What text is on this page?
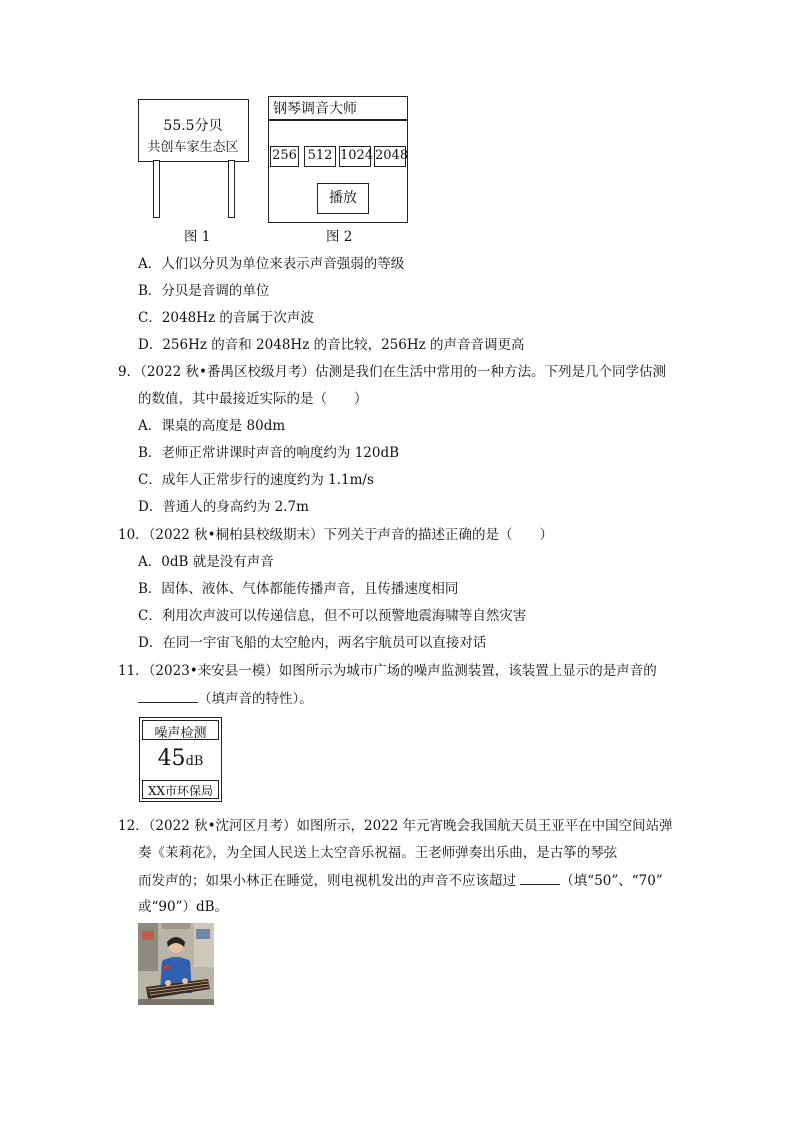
55.5分贝
共创车家生态区
图 1
钢琴调音大师
256 512 1024 2048
播放
图 2
A．人们以分贝为单位来表示声音强弱的等级
B．分贝是音调的单位
C．2048Hz 的音属于次声波
D．256Hz 的音和 2048Hz 的音比较，256Hz 的声音音调更高
9．（2022 秋•番禺区校级月考）估测是我们在生活中常用的一种方法。下列是几个同学估测
的数值，其中最接近实际的是（　　）
A．课桌的高度是 80dm
B．老师正常讲课时声音的响度约为 120dB
C．成年人正常步行的速度约为 1.1m/s
D．普通人的身高约为 2.7m
10．（2022 秋•桐柏县校级期末）下列关于声音的描述正确的是（　　）
A．0dB 就是没有声音
B．固体、液体、气体都能传播声音，且传播速度相同
C．利用次声波可以传递信息，但不可以预警地震海啸等自然灾害
D．在同一宇宙飞船的太空舱内，两名宇航员可以直接对话
11．（2023•来安县一模）如图所示为城市广场的噪声监测装置，该装置上显示的是声音的
（填声音的特性）。
噪声检测
45dB
XX市环保局
12．（2022 秋•沈河区月考）如图所示，2022 年元宵晚会我国航天员王亚平在中国空间站弹
奏《茉莉花》，为全国人民送上太空音乐祝福。王老师弹奏出乐曲，是古筝的琴弦
而发声的；如果小林正在睡觉，则电视机发出的声音不应该超过	（填“50”、“70”
或“90”）dB。
